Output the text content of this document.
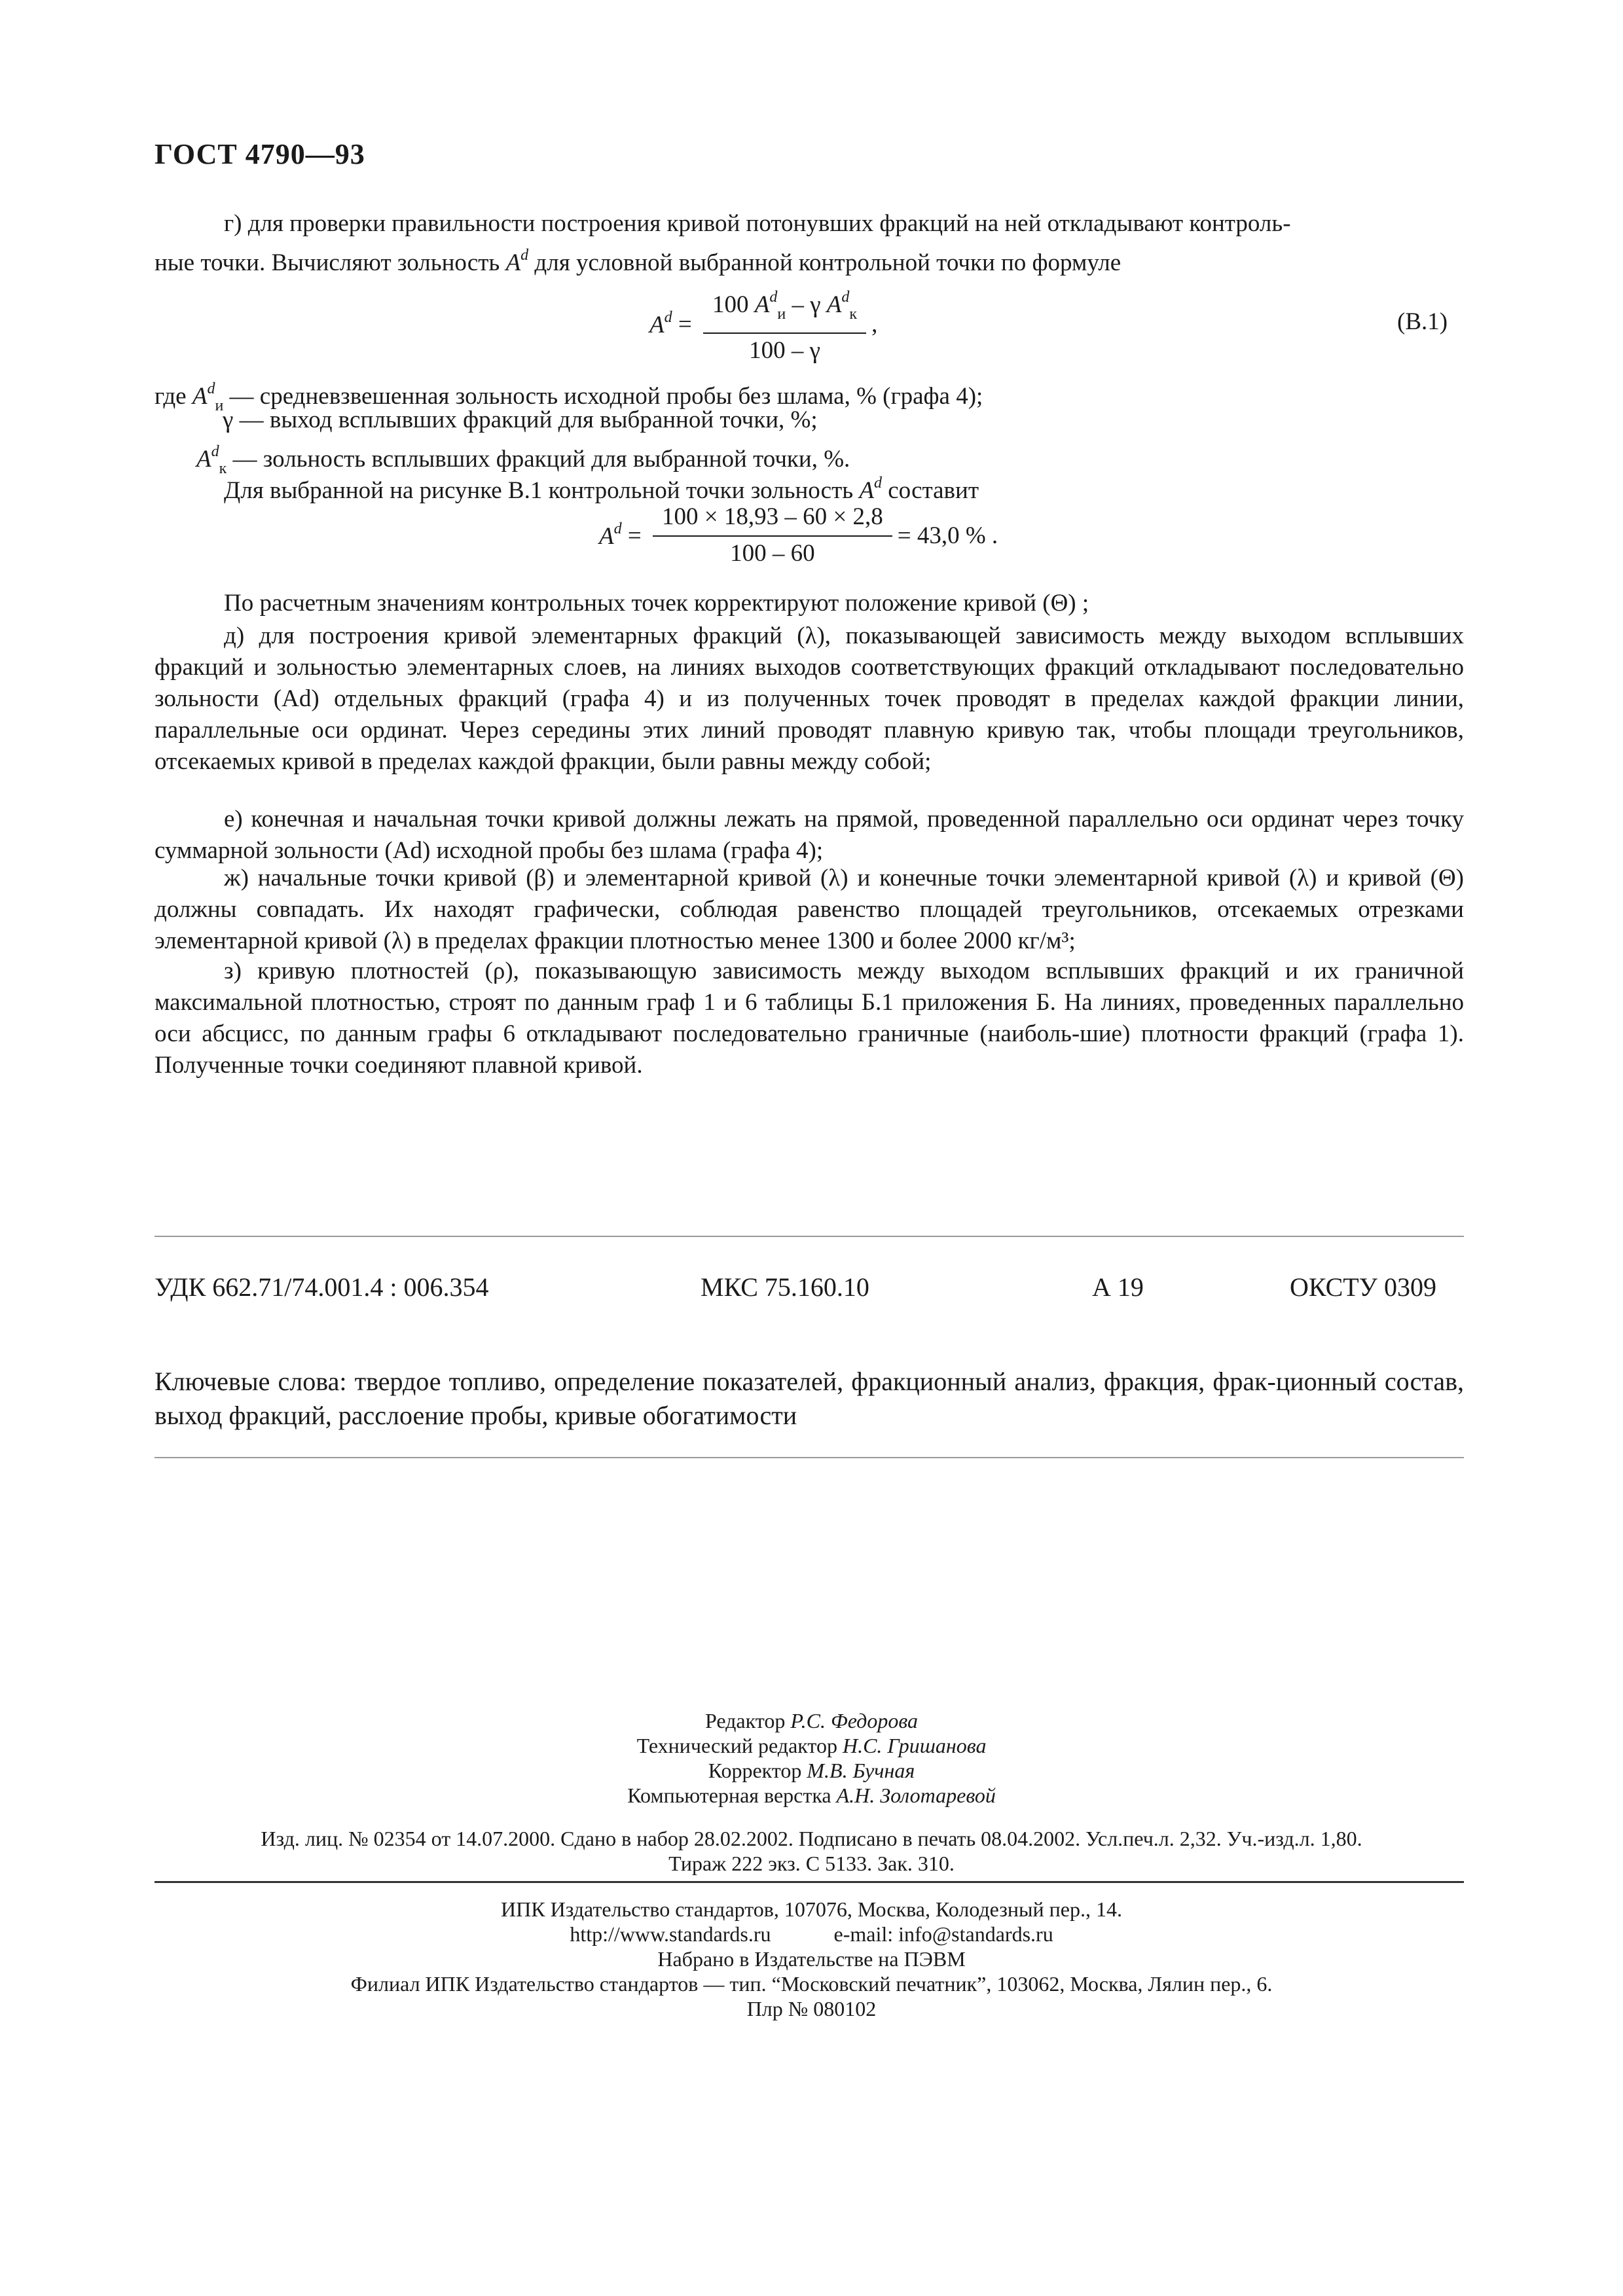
ГОСТ 4790—93
г) для проверки правильности построения кривой потонувших фракций на ней откладывают контроль-
ные точки. Вычисляют зольность $A^d$ для условной выбранной контрольной точки по формуле
$A^d = \frac{100 A^d_и - \gamma A^d_к}{100 - \gamma}$ ,	(В.1)
где $A^d_и$ — средневзвешенная зольность исходной пробы без шлама, % (графа 4);
γ — выход всплывших фракций для выбранной точки, %;
$A^d_к$ — зольность всплывших фракций для выбранной точки, %.
Для выбранной на рисунке В.1 контрольной точки зольность $A^d$ составит
$A^d = \frac{100 \times 18,93 - 60 \times 2,8}{100 - 60} = 43,0$ % .
По расчетным значениям контрольных точек корректируют положение кривой (Θ) ;
д) для построения кривой элементарных фракций (λ), показывающей зависимость между выходом всплывших фракций и зольностью элементарных слоев, на линиях выходов соответствующих фракций откладывают последовательно зольности (Ad) отдельных фракций (графа 4) и из полученных точек проводят в пределах каждой фракции линии, параллельные оси ординат. Через середины этих линий проводят плавную кривую так, чтобы площади треугольников, отсекаемых кривой в пределах каждой фракции, были равны между собой;
е) конечная и начальная точки кривой должны лежать на прямой, проведенной параллельно оси ординат через точку суммарной зольности (Ad) исходной пробы без шлама (графа 4);
ж) начальные точки кривой (β) и элементарной кривой (λ) и конечные точки элементарной кривой (λ) и кривой (Θ) должны совпадать. Их находят графически, соблюдая равенство площадей треугольников, отсекаемых отрезками элементарной кривой (λ) в пределах фракции плотностью менее 1300 и более 2000 кг/м³;
з) кривую плотностей (ρ), показывающую зависимость между выходом всплывших фракций и их граничной максимальной плотностью, строят по данным граф 1 и 6 таблицы Б.1 приложения Б. На линиях, проведенных параллельно оси абсцисс, по данным графы 6 откладывают последовательно граничные (наиболь-шие) плотности фракций (графа 1). Полученные точки соединяют плавной кривой.
УДК 662.71/74.001.4 : 006.354	МКС 75.160.10	А 19	ОКСТУ 0309
Ключевые слова: твердое топливо, определение показателей, фракционный анализ, фракция, фрак-ционный состав, выход фракций, расслоение пробы, кривые обогатимости
Редактор Р.С. Федорова
Технический редактор Н.С. Гришанова
Корректор М.В. Бучная
Компьютерная верстка А.Н. Золотаревой
Изд. лиц. № 02354 от 14.07.2000. Сдано в набор 28.02.2002. Подписано в печать 08.04.2002. Усл.печ.л. 2,32. Уч.-изд.л. 1,80.
Тираж 222 экз. С 5133. Зак. 310.
ИПК Издательство стандартов, 107076, Москва, Колодезный пер., 14.
http://www.standards.ru	e-mail: info@standards.ru
Набрано в Издательстве на ПЭВМ
Филиал ИПК Издательство стандартов — тип. “Московский печатник”, 103062, Москва, Лялин пер., 6.
Плр № 080102
